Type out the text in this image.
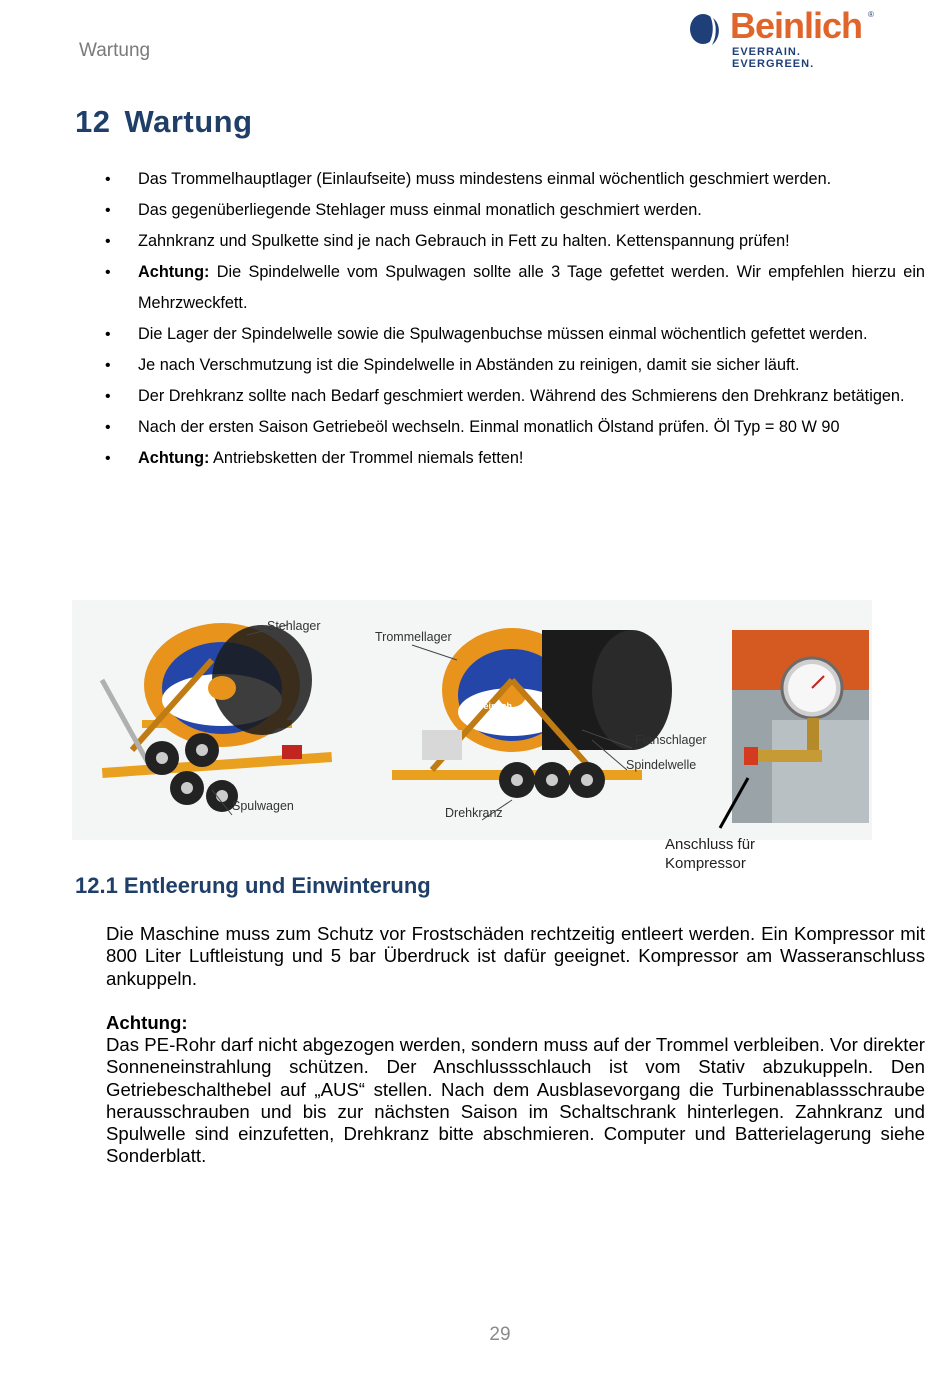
Wartung
Beinlich ®
EVERRAIN. EVERGREEN.
12 Wartung
• Das Trommelhauptlager (Einlaufseite) muss mindestens einmal wöchentlich geschmiert werden.
• Das gegenüberliegende Stehlager muss einmal monatlich geschmiert werden.
• Zahnkranz und Spulkette sind je nach Gebrauch in Fett zu halten. Kettenspannung prüfen!
• Achtung: Die Spindelwelle vom Spulwagen sollte alle 3 Tage gefettet werden. Wir empfehlen hierzu ein Mehrzweckfett.
• Die Lager der Spindelwelle sowie die Spulwagenbuchse müssen einmal wöchentlich gefettet werden.
• Je nach Verschmutzung ist die Spindelwelle in Abständen zu reinigen, damit sie sicher läuft.
• Der Drehkranz sollte nach Bedarf geschmiert werden. Während des Schmierens den Drehkranz betätigen.
• Nach der ersten Saison Getriebeöl wechseln. Einmal monatlich Ölstand prüfen. Öl Typ = 80 W 90
• Achtung: Antriebsketten der Trommel niemals fetten!
Stehlager
Spulwagen
Trommellager
Flanschlager
Spindelwelle
Drehkranz
Beinlich
Anschluss für
Kompressor
12.1 Entleerung und Einwinterung

Die Maschine muss zum Schutz vor Frostschäden rechtzeitig entleert werden. Ein Kompressor mit 800 Liter Luftleistung und 5 bar Überdruck ist dafür geeignet. Kompressor am Wasseranschluss ankuppeln.

Achtung:

Das PE-Rohr darf nicht abgezogen werden, sondern muss auf der Trommel verbleiben. Vor direkter Sonneneinstrahlung schützen. Der Anschlussschlauch ist vom Stativ abzukuppeln. Den Getriebeschalthebel auf „AUS“ stellen. Nach dem Ausblasevorgang die Turbinenablassschraube herausschrauben und bis zur nächsten Saison im Schaltschrank hinterlegen. Zahnkranz und Spulwelle sind einzufetten, Drehkranz bitte abschmieren. Computer und Batterielagerung siehe Sonderblatt.

29
